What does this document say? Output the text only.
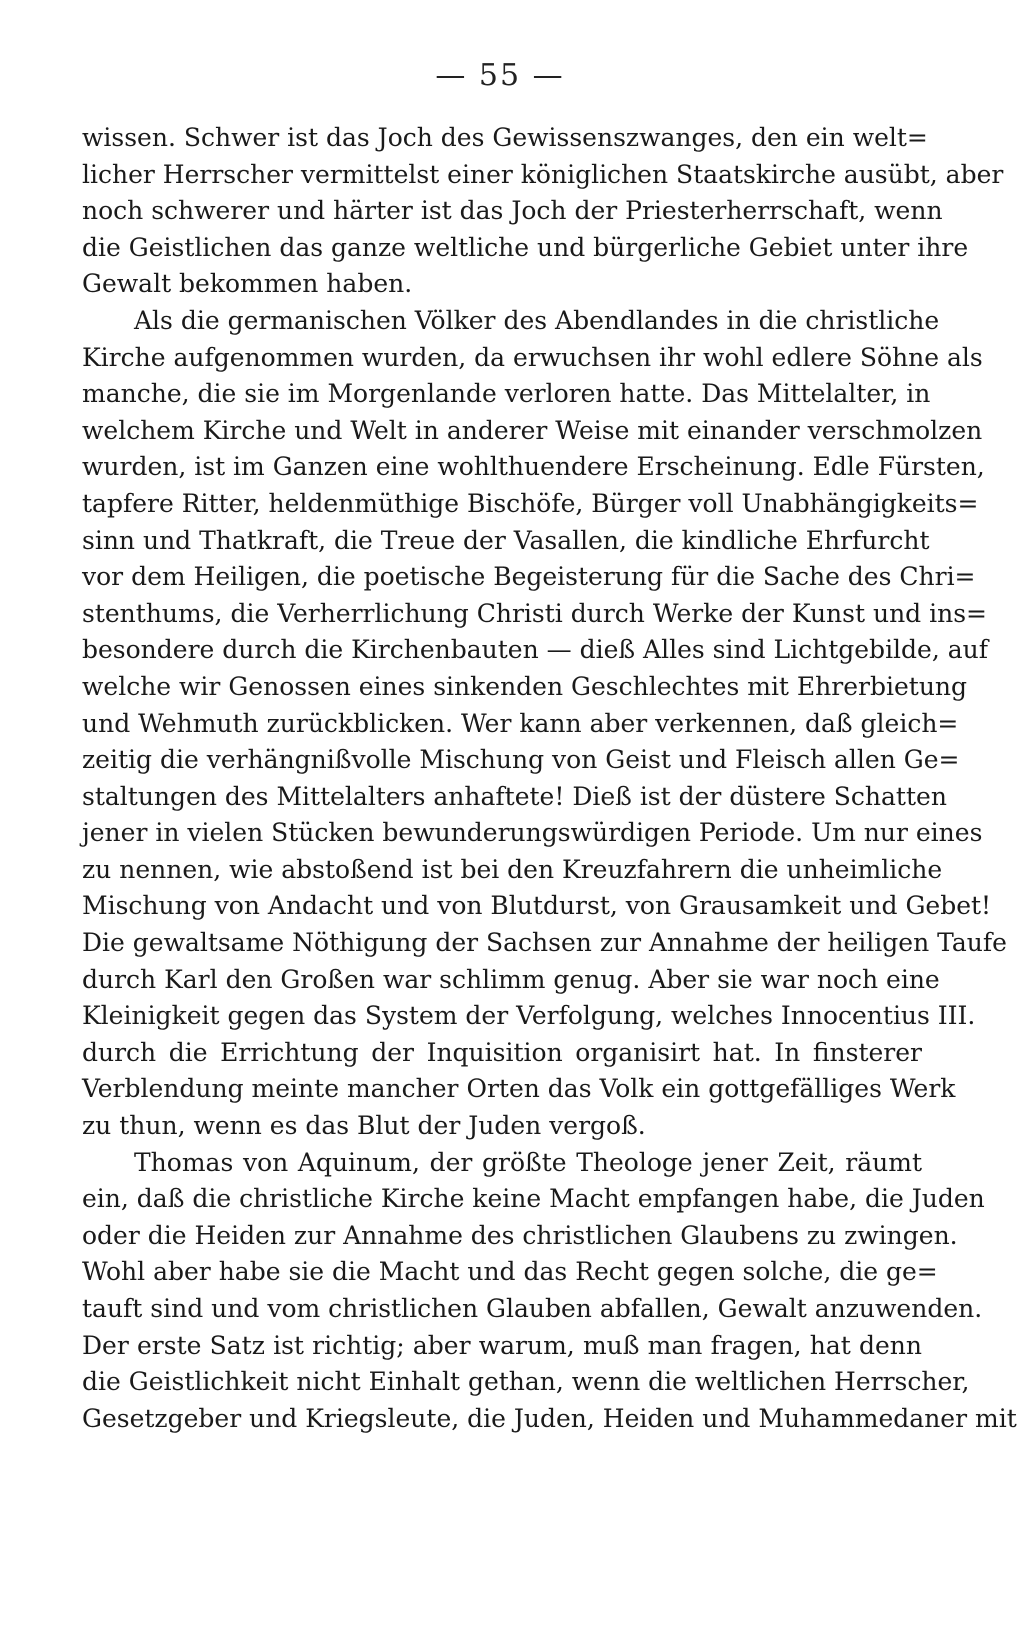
— 55 —
wissen. Schwer ist das Joch des Gewissenszwanges, den ein welt=
licher Herrscher vermittelst einer königlichen Staatskirche ausübt, aber
noch schwerer und härter ist das Joch der Priesterherrschaft, wenn
die Geistlichen das ganze weltliche und bürgerliche Gebiet unter ihre
Gewalt bekommen haben.
Als die germanischen Völker des Abendlandes in die christliche
Kirche aufgenommen wurden, da erwuchsen ihr wohl edlere Söhne als
manche, die sie im Morgenlande verloren hatte. Das Mittelalter, in
welchem Kirche und Welt in anderer Weise mit einander verschmolzen
wurden, ist im Ganzen eine wohlthuendere Erscheinung. Edle Fürsten,
tapfere Ritter, heldenmüthige Bischöfe, Bürger voll Unabhängigkeits=
sinn und Thatkraft, die Treue der Vasallen, die kindliche Ehrfurcht
vor dem Heiligen, die poetische Begeisterung für die Sache des Chri=
stenthums, die Verherrlichung Christi durch Werke der Kunst und ins=
besondere durch die Kirchenbauten — dieß Alles sind Lichtgebilde, auf
welche wir Genossen eines sinkenden Geschlechtes mit Ehrerbietung
und Wehmuth zurückblicken. Wer kann aber verkennen, daß gleich=
zeitig die verhängnißvolle Mischung von Geist und Fleisch allen Ge=
staltungen des Mittelalters anhaftete! Dieß ist der düstere Schatten
jener in vielen Stücken bewunderungswürdigen Periode. Um nur eines
zu nennen, wie abstoßend ist bei den Kreuzfahrern die unheimliche
Mischung von Andacht und von Blutdurst, von Grausamkeit und Gebet!
Die gewaltsame Nöthigung der Sachsen zur Annahme der heiligen Taufe
durch Karl den Großen war schlimm genug. Aber sie war noch eine
Kleinigkeit gegen das System der Verfolgung, welches Innocentius III.
durch die Errichtung der Inquisition organisirt hat. In finsterer
Verblendung meinte mancher Orten das Volk ein gottgefälliges Werk
zu thun, wenn es das Blut der Juden vergoß.
Thomas von Aquinum, der größte Theologe jener Zeit, räumt
ein, daß die christliche Kirche keine Macht empfangen habe, die Juden
oder die Heiden zur Annahme des christlichen Glaubens zu zwingen.
Wohl aber habe sie die Macht und das Recht gegen solche, die ge=
tauft sind und vom christlichen Glauben abfallen, Gewalt anzuwenden.
Der erste Satz ist richtig; aber warum, muß man fragen, hat denn
die Geistlichkeit nicht Einhalt gethan, wenn die weltlichen Herrscher,
Gesetzgeber und Kriegsleute, die Juden, Heiden und Muhammedaner mit
